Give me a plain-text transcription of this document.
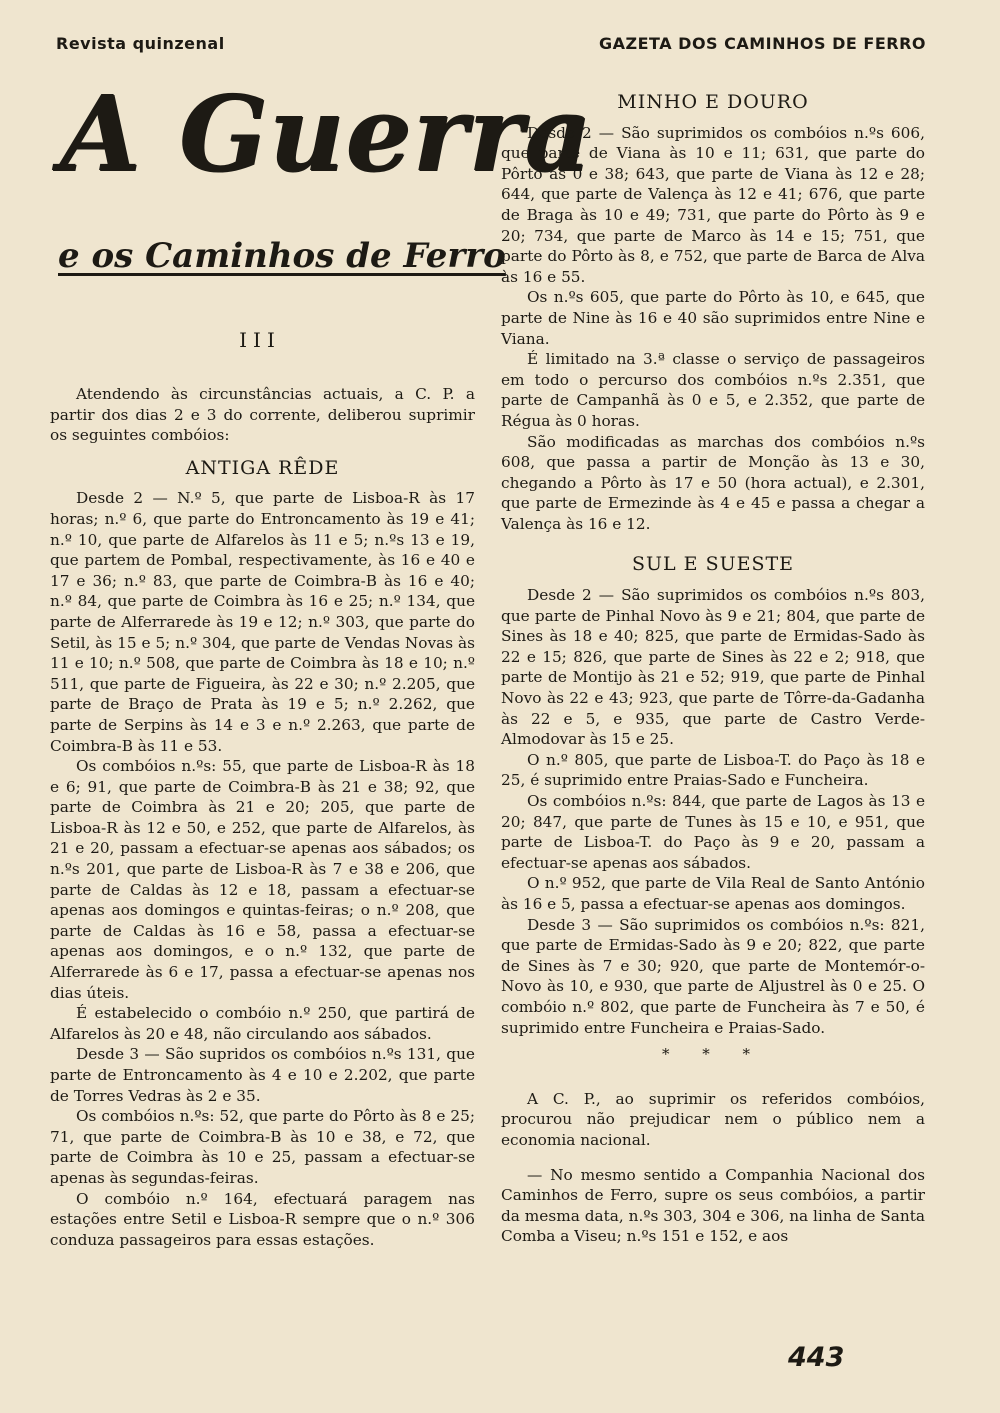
Revista quinzenal	GAZETA DOS CAMINHOS DE FERRO
A Guerra
e os Caminhos de Ferro
III

Atendendo às circunstâncias actuais, a C. P. a partir dos dias 2 e 3 do corrente, deliberou suprimir os seguintes combóios:

ANTIGA RÊDE

Desde 2 — N.º 5, que parte de Lisboa-R às 17 horas; n.º 6, que parte do Entroncamento às 19 e 41; n.º 10, que parte de Alfarelos às 11 e 5; n.ºs 13 e 19, que partem de Pombal, respectivamente, às 16 e 40 e 17 e 36; n.º 83, que parte de Coimbra-B às 16 e 40; n.º 84, que parte de Coimbra às 16 e 25; n.º 134, que parte de Alferrarede às 19 e 12; n.º 303, que parte do Setil, às 15 e 5; n.º 304, que parte de Vendas Novas às 11 e 10; n.º 508, que parte de Coimbra às 18 e 10; n.º 511, que parte de Figueira, às 22 e 30; n.º 2.205, que parte de Braço de Prata às 19 e 5; n.º 2.262, que parte de Serpins às 14 e 3 e n.º 2.263, que parte de Coimbra-B às 11 e 53.

Os combóios n.ºs: 55, que parte de Lisboa-R às 18 e 6; 91, que parte de Coimbra-B às 21 e 38; 92, que parte de Coimbra às 21 e 20; 205, que parte de Lisboa-R às 12 e 50, e 252, que parte de Alfarelos, às 21 e 20, passam a efectuar-se apenas aos sábados; os n.ºs 201, que parte de Lisboa-R às 7 e 38 e 206, que parte de Caldas às 12 e 18, passam a efectuar-se apenas aos domingos e quintas-feiras; o n.º 208, que parte de Caldas às 16 e 58, passa a efectuar-se apenas aos domingos, e o n.º 132, que parte de Alferrarede às 6 e 17, passa a efectuar-se apenas nos dias úteis.

É estabelecido o combóio n.º 250, que partirá de Alfarelos às 20 e 48, não circulando aos sábados.

Desde 3 — São supridos os combóios n.ºs 131, que parte de Entroncamento às 4 e 10 e 2.202, que parte de Torres Vedras às 2 e 35.

Os combóios n.ºs: 52, que parte do Pôrto às 8 e 25; 71, que parte de Coimbra-B às 10 e 38, e 72, que parte de Coimbra às 10 e 25, passam a efectuar-se apenas às segundas-feiras.

O combóio n.º 164, efectuará paragem nas estações entre Setil e Lisboa-R sempre que o n.º 306 conduza passageiros para essas estações.

MINHO E DOURO

Desde 2 — São suprimidos os combóios n.ºs 606, que parte de Viana às 10 e 11; 631, que parte do Pôrto às 0 e 38; 643, que parte de Viana às 12 e 28; 644, que parte de Valença às 12 e 41; 676, que parte de Braga às 10 e 49; 731, que parte do Pôrto às 9 e 20; 734, que parte de Marco às 14 e 15; 751, que parte do Pôrto às 8, e 752, que parte de Barca de Alva às 16 e 55.

Os n.ºs 605, que parte do Pôrto às 10, e 645, que parte de Nine às 16 e 40 são suprimidos entre Nine e Viana.

É limitado na 3.ª classe o serviço de passageiros em todo o percurso dos combóios n.ºs 2.351, que parte de Campanhã às 0 e 5, e 2.352, que parte de Régua às 0 horas.

São modificadas as marchas dos combóios n.ºs 608, que passa a partir de Monção às 13 e 30, chegando a Pôrto às 17 e 50 (hora actual), e 2.301, que parte de Ermezinde às 4 e 45 e passa a chegar a Valença às 16 e 12.

SUL E SUESTE

Desde 2 — São suprimidos os combóios n.ºs 803, que parte de Pinhal Novo às 9 e 21; 804, que parte de Sines às 18 e 40; 825, que parte de Ermidas-Sado às 22 e 15; 826, que parte de Sines às 22 e 2; 918, que parte de Montijo às 21 e 52; 919, que parte de Pinhal Novo às 22 e 43; 923, que parte de Tôrre-da-Gadanha às 22 e 5, e 935, que parte de Castro Verde-Almodovar às 15 e 25.

O n.º 805, que parte de Lisboa-T. do Paço às 18 e 25, é suprimido entre Praias-Sado e Funcheira.

Os combóios n.ºs: 844, que parte de Lagos às 13 e 20; 847, que parte de Tunes às 15 e 10, e 951, que parte de Lisboa-T. do Paço às 9 e 20, passam a efectuar-se apenas aos sábados.

O n.º 952, que parte de Vila Real de Santo António às 16 e 5, passa a efectuar-se apenas aos domingos.

Desde 3 — São suprimidos os combóios n.ºs: 821, que parte de Ermidas-Sado às 9 e 20; 822, que parte de Sines às 7 e 30; 920, que parte de Montemór-o-Novo às 10, e 930, que parte de Aljustrel às 0 e 25. O combóio n.º 802, que parte de Funcheira às 7 e 50, é suprimido entre Funcheira e Praias-Sado.

* * *

A C. P., ao suprimir os referidos combóios, procurou não prejudicar nem o público nem a economia nacional.

— No mesmo sentido a Companhia Nacional dos Caminhos de Ferro, supre os seus combóios, a partir da mesma data, n.ºs 303, 304 e 306, na linha de Santa Comba a Viseu; n.ºs 151 e 152, e aos

443
